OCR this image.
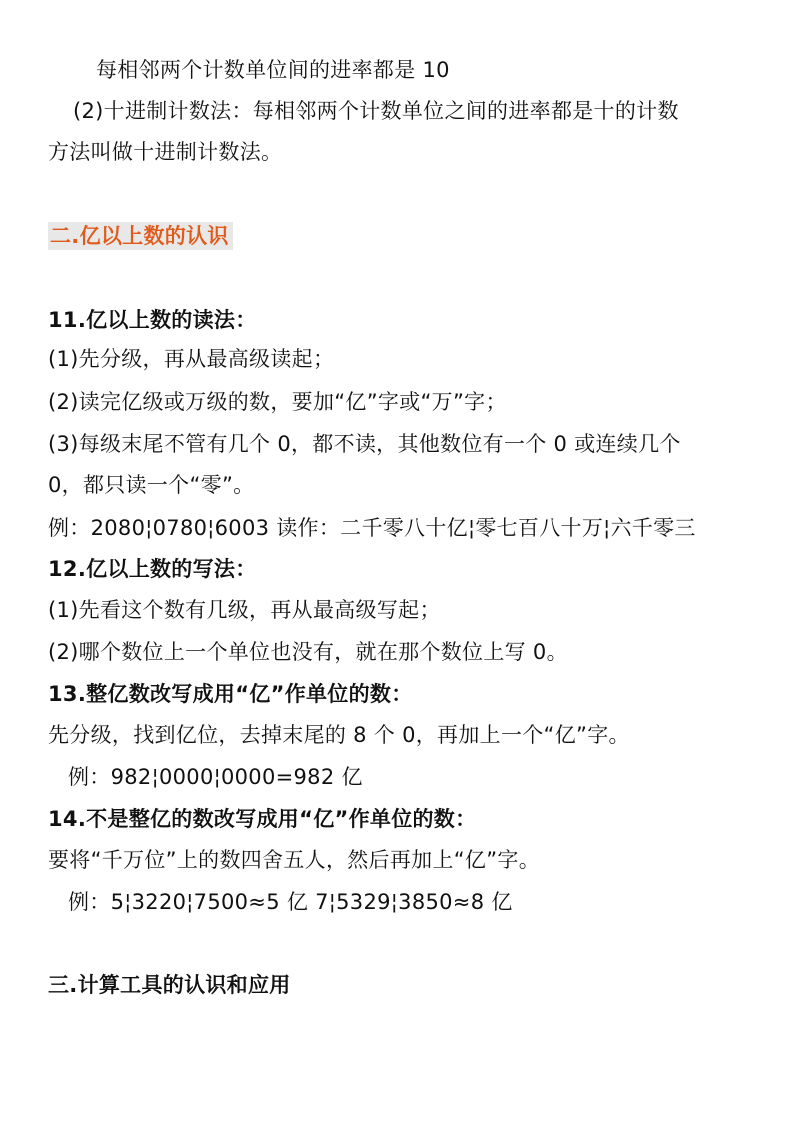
每相邻两个计数单位间的进率都是 10
(2)十进制计数法：每相邻两个计数单位之间的进率都是十的计数
方法叫做十进制计数法。
二.亿以上数的认识
11.亿以上数的读法：
(1)先分级，再从最高级读起；
(2)读完亿级或万级的数，要加“亿”字或“万”字；
(3)每级末尾不管有几个 0，都不读，其他数位有一个 0 或连续几个
0，都只读一个“零”。
例：2080¦0780¦6003 读作：二千零八十亿¦零七百八十万¦六千零三
12.亿以上数的写法：
(1)先看这个数有几级，再从最高级写起；
(2)哪个数位上一个单位也没有，就在那个数位上写 0。
13.整亿数改写成用“亿”作单位的数：
先分级，找到亿位，去掉末尾的 8 个 0，再加上一个“亿”字。
例：982¦0000¦0000=982 亿
14.不是整亿的数改写成用“亿”作单位的数：
要将“千万位”上的数四舍五人，然后再加上“亿”字。
例：5¦3220¦7500≈5 亿 7¦5329¦3850≈8 亿
三.计算工具的认识和应用
